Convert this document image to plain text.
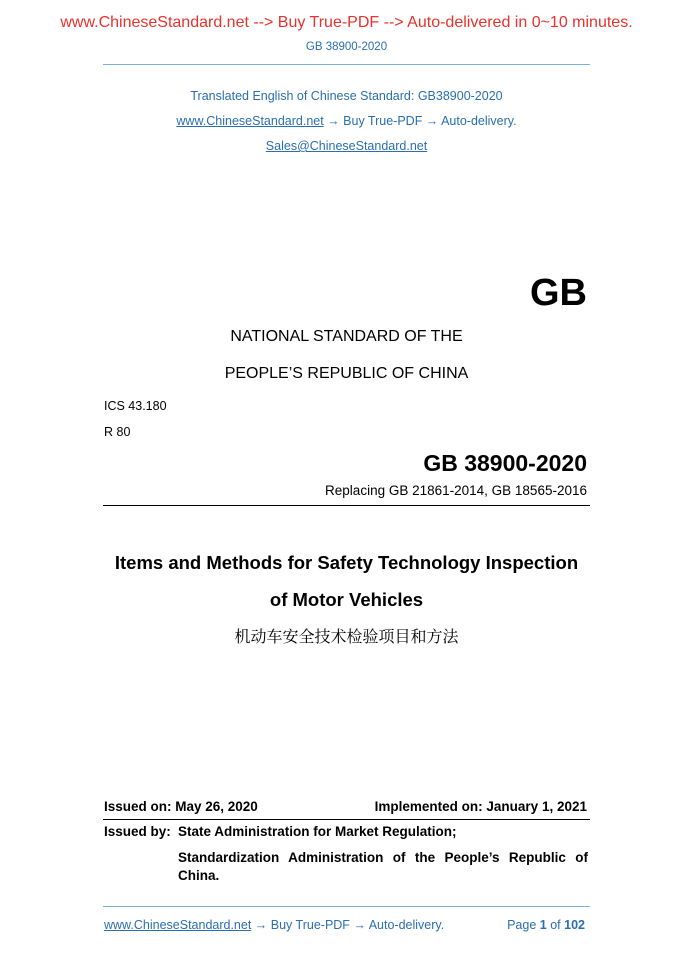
www.ChineseStandard.net --> Buy True-PDF --> Auto-delivered in 0~10 minutes.
GB 38900-2020
Translated English of Chinese Standard: GB38900-2020
www.ChineseStandard.net → Buy True-PDF → Auto-delivery.
Sales@ChineseStandard.net
GB
NATIONAL STANDARD OF THE
PEOPLE’S REPUBLIC OF CHINA
ICS 43.180
R 80
GB 38900-2020
Replacing GB 21861-2014, GB 18565-2016
Items and Methods for Safety Technology Inspection
of Motor Vehicles
机动车安全技术检验项目和方法
Issued on: May 26, 2020	Implemented on: January 1, 2021
Issued by: State Administration for Market Regulation;
Standardization Administration of the People’s Republic of
China.
www.ChineseStandard.net → Buy True-PDF → Auto-delivery.	Page 1 of 102
